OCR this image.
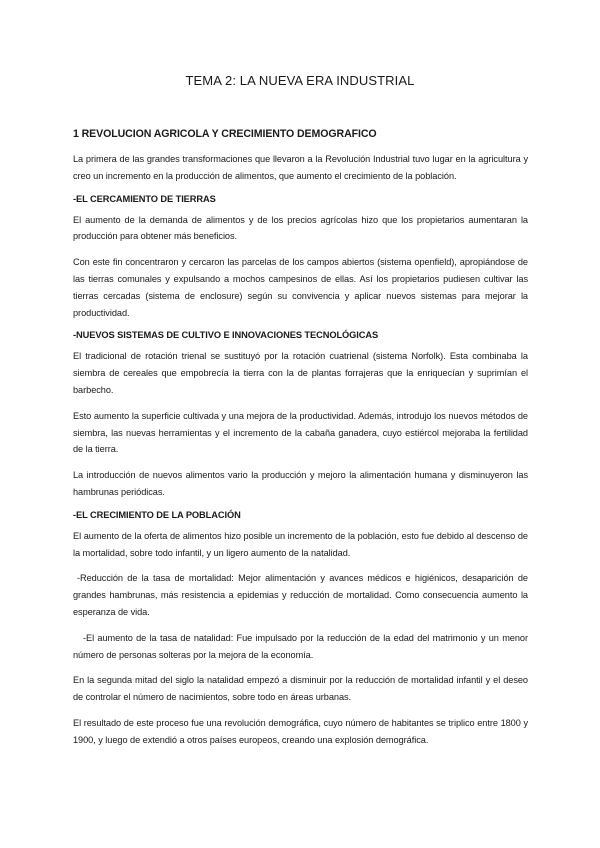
TEMA 2: LA NUEVA ERA INDUSTRIAL
1 REVOLUCION AGRICOLA Y CRECIMIENTO DEMOGRAFICO

La primera de las grandes transformaciones que llevaron a la Revolución Industrial tuvo lugar en la agricultura y creo un incremento en la producción de alimentos, que aumento el crecimiento de la población.

-EL CERCAMIENTO DE TIERRAS

El aumento de la demanda de alimentos y de los precios agrícolas hizo que los propietarios aumentaran la producción para obtener más beneficios.

Con este fin concentraron y cercaron las parcelas de los campos abiertos (sistema openfield), apropiándose de las tierras comunales y expulsando a mochos campesinos de ellas. Así los propietarios pudiesen cultivar las tierras cercadas (sistema de enclosure) según su convivencia y aplicar nuevos sistemas para mejorar la productividad.

-NUEVOS SISTEMAS DE CULTIVO E INNOVACIONES TECNOLÓGICAS

El tradicional de rotación trienal se sustituyó por la rotación cuatrienal (sistema Norfolk). Esta combinaba la siembra de cereales que empobrecía la tierra con la de plantas forrajeras que la enriquecían y suprimían el barbecho.

Esto aumento la superficie cultivada y una mejora de la productividad. Además, introdujo los nuevos métodos de siembra, las nuevas herramientas y el incremento de la cabaña ganadera, cuyo estiércol mejoraba la fertilidad de la tierra.

La introducción de nuevos alimentos vario la producción y mejoro la alimentación humana y disminuyeron las hambrunas periódicas.

-EL CRECIMIENTO DE LA POBLACIÓN

El aumento de la oferta de alimentos hizo posible un incremento de la población, esto fue debido al descenso de la mortalidad, sobre todo infantil, y un ligero aumento de la natalidad.

-Reducción de la tasa de mortalidad: Mejor alimentación y avances médicos e higiénicos, desaparición de grandes hambrunas, más resistencia a epidemias y reducción de mortalidad. Como consecuencia aumento la esperanza de vida.

-El aumento de la tasa de natalidad: Fue impulsado por la reducción de la edad del matrimonio y un menor número de personas solteras por la mejora de la economía.

En la segunda mitad del siglo la natalidad empezó a disminuir por la reducción de mortalidad infantil y el deseo de controlar el número de nacimientos, sobre todo en áreas urbanas.

El resultado de este proceso fue una revolución demográfica, cuyo número de habitantes se triplico entre 1800 y 1900, y luego de extendió a otros países europeos, creando una explosión demográfica.
